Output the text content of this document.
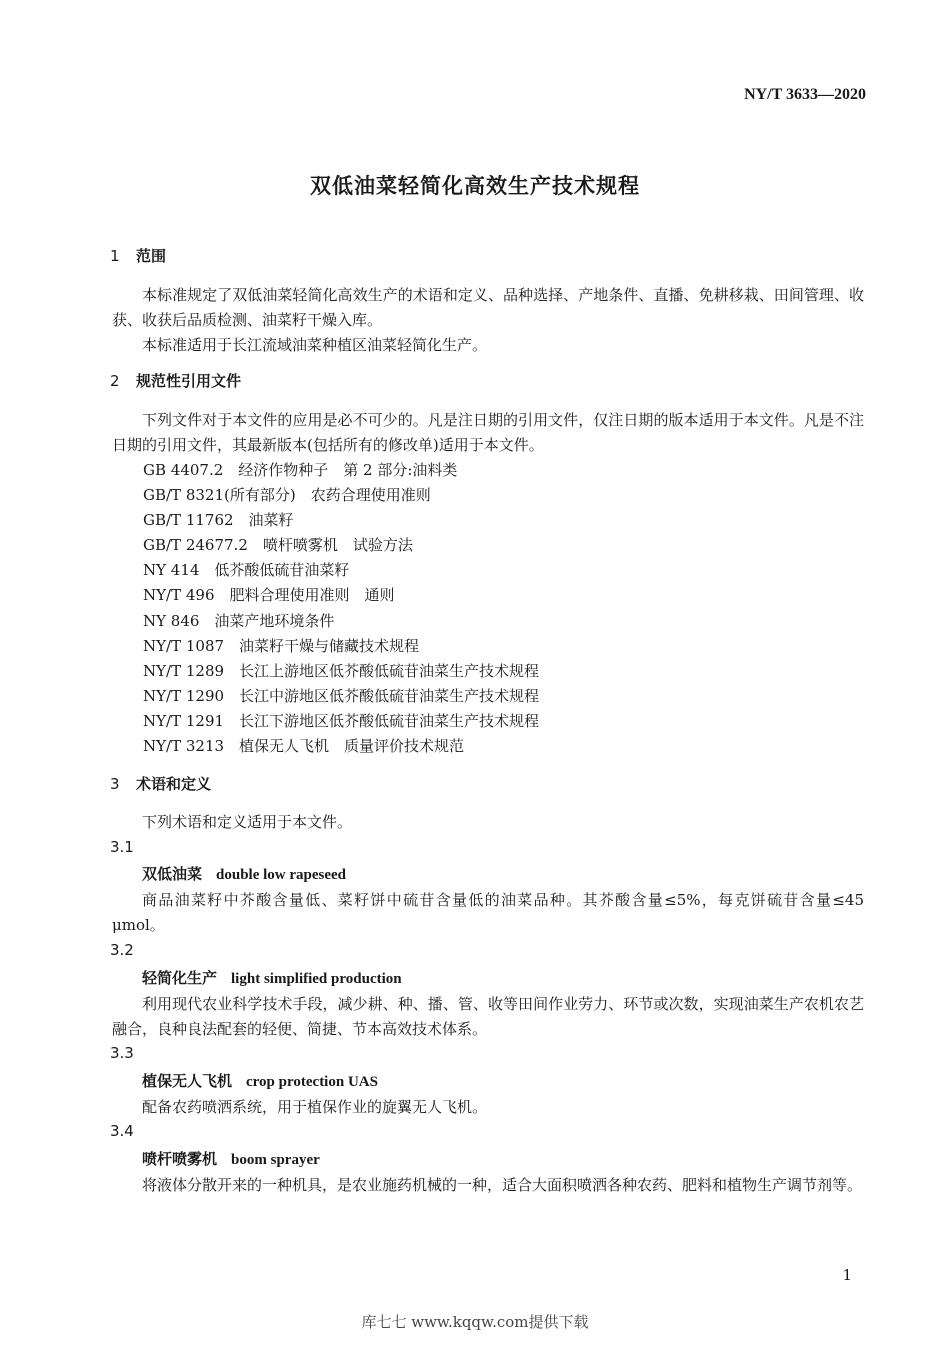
NY/T 3633—2020
双低油菜轻简化高效生产技术规程
1 范围
本标准规定了双低油菜轻简化高效生产的术语和定义、品种选择、产地条件、直播、免耕移栽、田间管理、收获、收获后品质检测、油菜籽干燥入库。
本标准适用于长江流域油菜种植区油菜轻简化生产。
2 规范性引用文件
下列文件对于本文件的应用是必不可少的。凡是注日期的引用文件，仅注日期的版本适用于本文件。凡是不注日期的引用文件，其最新版本(包括所有的修改单)适用于本文件。
GB 4407.2　经济作物种子　第 2 部分:油料类
GB/T 8321(所有部分)　农药合理使用准则
GB/T 11762　油菜籽
GB/T 24677.2　喷杆喷雾机　试验方法
NY 414　低芥酸低硫苷油菜籽
NY/T 496　肥料合理使用准则　通则
NY 846　油菜产地环境条件
NY/T 1087　油菜籽干燥与储藏技术规程
NY/T 1289　长江上游地区低芥酸低硫苷油菜生产技术规程
NY/T 1290　长江中游地区低芥酸低硫苷油菜生产技术规程
NY/T 1291　长江下游地区低芥酸低硫苷油菜生产技术规程
NY/T 3213　植保无人飞机　质量评价技术规范
3 术语和定义
下列术语和定义适用于本文件。
3.1
双低油菜 double low rapeseed
商品油菜籽中芥酸含量低、菜籽饼中硫苷含量低的油菜品种。其芥酸含量≤5%，每克饼硫苷含量≤45 μmol。
3.2
轻简化生产 light simplified production
利用现代农业科学技术手段，减少耕、种、播、管、收等田间作业劳力、环节或次数，实现油菜生产农机农艺融合，良种良法配套的轻便、简捷、节本高效技术体系。
3.3
植保无人飞机 crop protection UAS
配备农药喷洒系统，用于植保作业的旋翼无人飞机。
3.4
喷杆喷雾机 boom sprayer
将液体分散开来的一种机具，是农业施药机械的一种，适合大面积喷洒各种农药、肥料和植物生产调节剂等。
1
库七七 www.kqqw.com提供下载
